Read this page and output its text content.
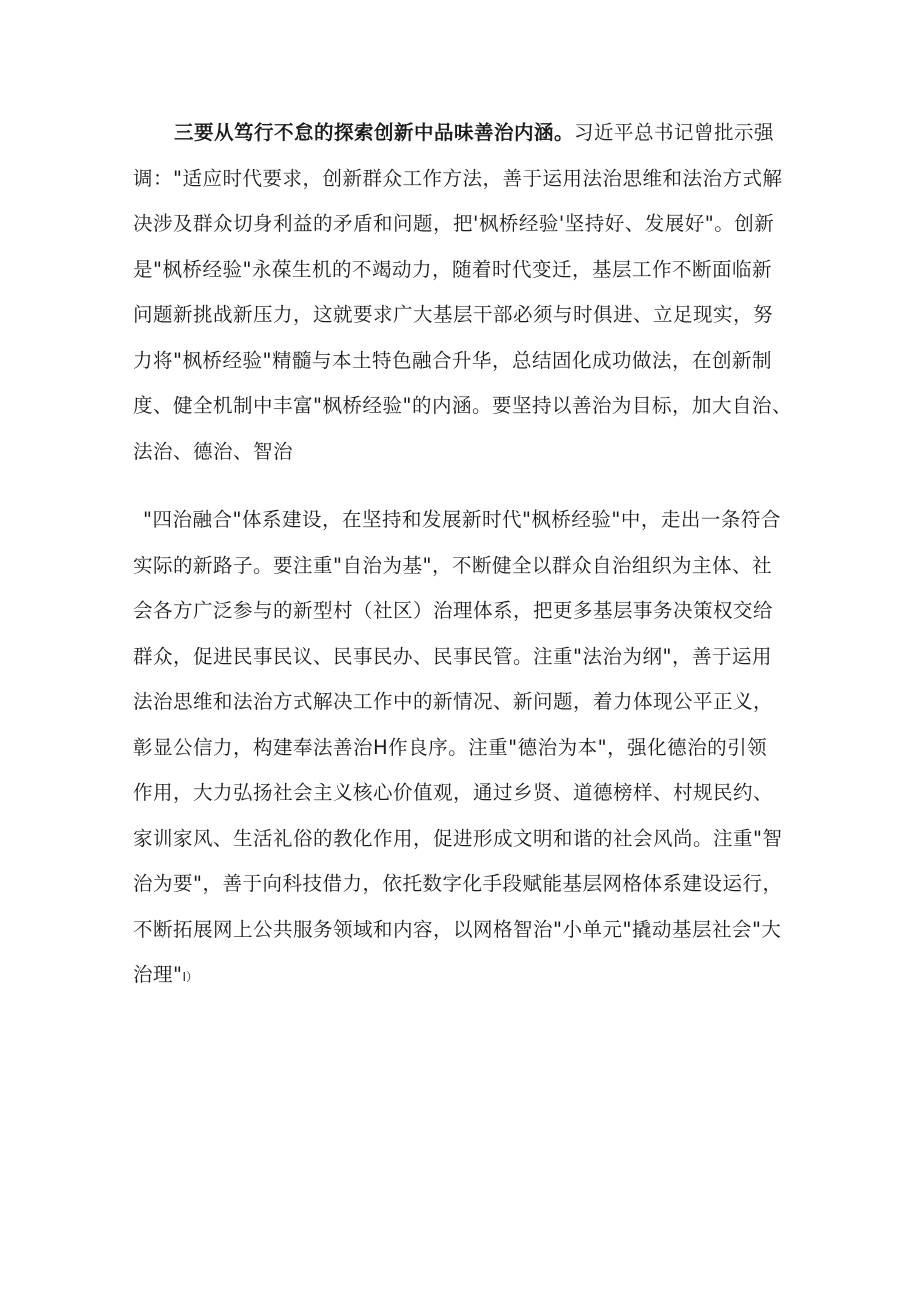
三要从笃行不怠的探索创新中品味善治内涵。习近平总书记曾批示强
调："适应时代要求，创新群众工作方法，善于运用法治思维和法治方式解
决涉及群众切身利益的矛盾和问题，把'枫桥经验'坚持好、发展好"。创新
是"枫桥经验"永葆生机的不竭动力，随着时代变迁，基层工作不断面临新
问题新挑战新压力，这就要求广大基层干部必须与时俱进、立足现实，努
力将"枫桥经验"精髓与本土特色融合升华，总结固化成功做法，在创新制
度、健全机制中丰富"枫桥经验"的内涵。要坚持以善治为目标，加大自治、
法治、德治、智治
"四治融合"体系建设，在坚持和发展新时代"枫桥经验"中，走出一条符合
实际的新路子。要注重"自治为基"，不断健全以群众自治组织为主体、社
会各方广泛参与的新型村（社区）治理体系，把更多基层事务决策权交给
群众，促进民事民议、民事民办、民事民管。注重"法治为纲"，善于运用
法治思维和法治方式解决工作中的新情况、新问题，着力体现公平正义，
彰显公信力，构建奉法善治H作良序。注重"德治为本"，强化德治的引领
作用，大力弘扬社会主义核心价值观，通过乡贤、道德榜样、村规民约、
家训家风、生活礼俗的教化作用，促进形成文明和谐的社会风尚。注重"智
治为要"，善于向科技借力，依托数字化手段赋能基层网格体系建设运行，
不断拓展网上公共服务领域和内容，以网格智治"小单元"撬动基层社会"大
治理"I）
